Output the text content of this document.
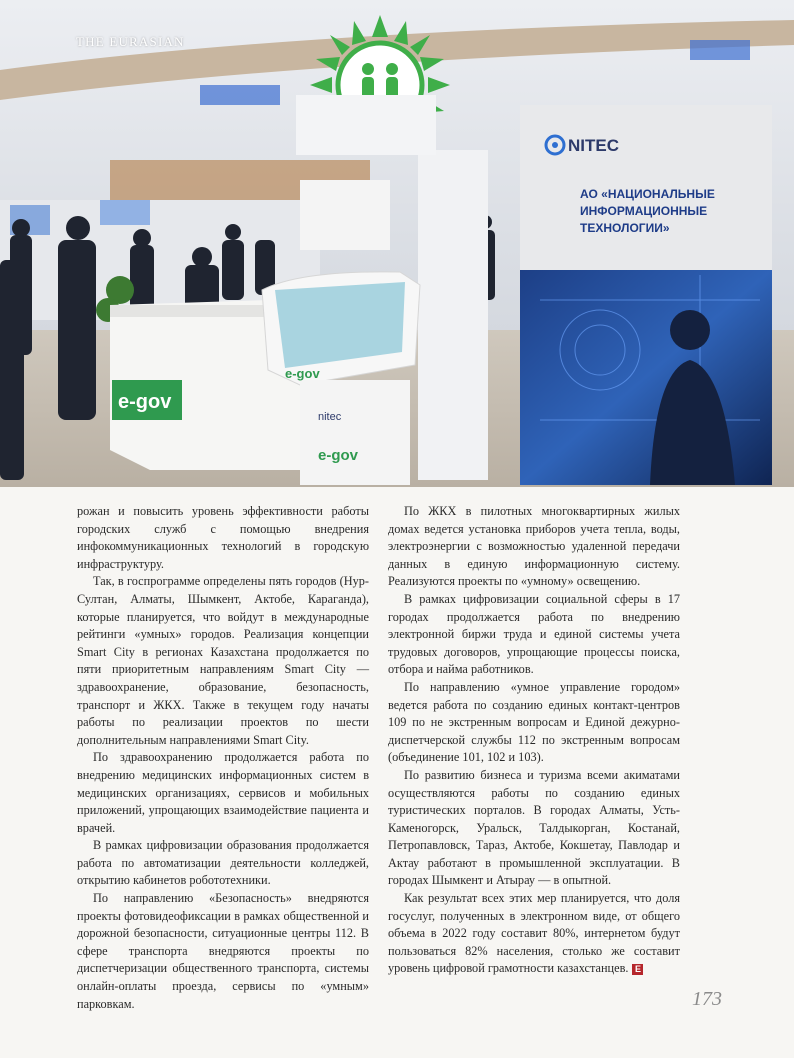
NITEC
АО «НАЦИОНАЛЬНЫЕ
ИНФОРМАЦИОННЫЕ
ТЕХНОЛОГИИ»
e-gov
e-gov
nitec
e-gov
THE EURASIAN

рожан и повысить уровень эффективности работы городских служб с помощью внедрения инфокоммуникационных технологий в городскую инфраструктуру.

Так, в госпрограмме определены пять городов (Нур-Султан, Алматы, Шымкент, Актобе, Караганда), которые планируется, что войдут в международные рейтинги «умных» городов. Реализация концепции Smart City в регионах Казахстана продолжается по пяти приоритетным направлениям Smart City — здравоохранение, образование, безопасность, транспорт и ЖКХ. Также в текущем году начаты работы по реализации проектов по шести дополнительным направлениями Smart City.

По здравоохранению продолжается работа по внедрению медицинских информационных систем в медицинских организациях, сервисов и мобильных приложений, упрощающих взаимодействие пациента и врачей.

В рамках цифровизации образования продолжается работа по автоматизации деятельности колледжей, открытию кабинетов робототехники.

По направлению «Безопасность» внедряются проекты фотовидеофиксации в рамках общественной и дорожной безопасности, ситуационные центры 112. В сфере транспорта внедряются проекты по диспетчеризации общественного транспорта, системы онлайн-оплаты проезда, сервисы по «умным» парковкам.

По ЖКХ в пилотных многоквартирных жилых домах ведется установка приборов учета тепла, воды, электроэнергии с возможностью удаленной передачи данных в единую информационную систему. Реализуются проекты по «умному» освещению.

В рамках цифровизации социальной сферы в 17 городах продолжается работа по внедрению электронной биржи труда и единой системы учета трудовых договоров, упрощающие процессы поиска, отбора и найма работников.

По направлению «умное управление городом» ведется работа по созданию единых контакт-центров 109 по не экстренным вопросам и Единой дежурно-диспетчерской службы 112 по экстренным вопросам (объединение 101, 102 и 103).

По развитию бизнеса и туризма всеми акиматами осуществляются работы по созданию единых туристических порталов. В городах Алматы, Усть-Каменогорск, Уральск, Талдыкорган, Костанай, Петропавловск, Тараз, Актобе, Кокшетау, Павлодар и Актау работают в промышленной эксплуатации. В городах Шымкент и Атырау — в опытной.

Как результат всех этих мер планируется, что доля госуслуг, полученных в электронном виде, от общего объема в 2022 году составит 80%, интернетом будут пользоваться 82% населения, столько же составит уровень цифровой грамотности казахстанцев. E

173
